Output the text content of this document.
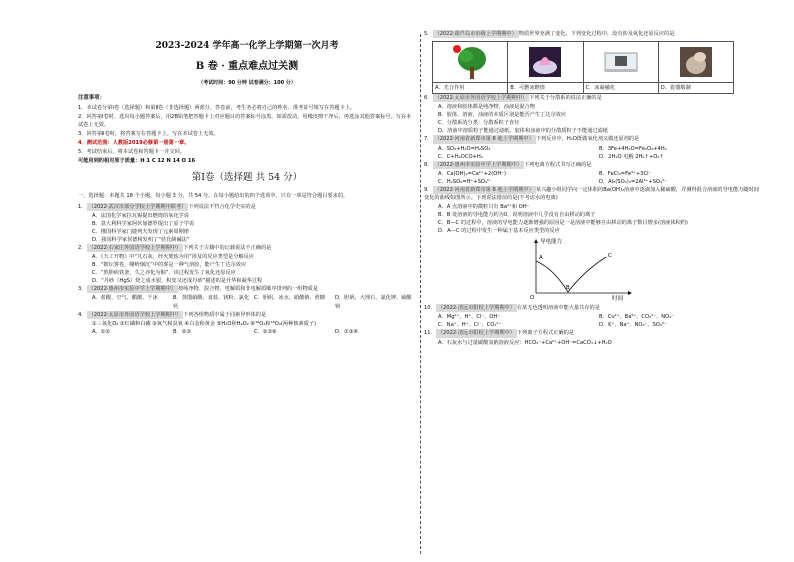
2023-2024 学年高一化学上学期第一次月考
B 卷 · 重点难点过关测
（考试时间：90 分钟 试卷满分：100 分）
注意事项：
1．本试卷分第Ⅰ卷（选择题）和第Ⅱ卷（非选择题）两部分。答卷前，考生务必将自己的姓名、准考证号填写在答题卡上。
2．回答第Ⅰ卷时，选出每小题答案后，用2B铅笔把答题卡上对应题目的答案标号涂黑。如需改动，用橡皮擦干净后，再选涂其他答案标号。写在本试卷上无效。
3．回答第Ⅱ卷时，将答案写在答题卡上。写在本试卷上无效。
4．测试范围：人教版2019必修第一册第一章。
5．考试结束后，将本试卷和答题卡一并交回。
可能用到的相对原子质量：H 1 C 12 N 14 O 16
第Ⅰ卷（选择题 共 54 分）
一、选择题：本题共 18 个小题，每小题 3 分，共 54 分。在每小题给出的四个选项中，只有一项是符合题目要求的。
1． （2022·武汉市部分学校上学期期中联考） 下列说法不符合化学史实的是
A．法国化学家拉瓦锡提出燃烧的氧化学说
B．意大利科学家阿伏加德罗提出了原子学说
C．俄国科学家门捷列夫发现了元素周期律
D．我国科学家侯德榜发明了“侯氏制碱法”
2． （2022·石家庄外国语学校上学期期中） 下列关于古籍中的记载说法不正确的是
A．《天工开物》中“凡石灰，经火焚炼为用”涉及的反应类型是分解反应
B．“朝坛雾卷，曙岭烟沉”中的雾是一种气溶胶，能产生丁达尔效应
C．“熬胆矾铁釜，久之亦化为铜”，该过程发生了氧化还原反应
D．“丹砂（HgS）烧之成水银，积变又还成丹砂”描述的是升华和凝华过程
3． （2022·惠州市实验中学上学期期中） 按纯净物、混合物、电解质和非电解质顺序排列的一组物质是
A．盐酸、空气、醋酸、干冰	B．蒸馏硝酸、食盐、镁粉、氯化钙
C．胆矾、冰水、硝酸钠、蔗糖	D．胆矾、大理石、氯化钾、硫酸钡
4． （2022·太原市外国语学校上学期期中） 下列各组物质中属于同素异形体的是
①三氧化O₂ ②红磷和白磷 ③氧气和臭氧 ④白金和黄金 ⑤H₂O和H₂O₂ ⑥¹⁶O₂和¹⁸O₂(两种核素质子)
A．①②	B．②③	C．②③⑥	D．②③④
5． （2022·葫芦岛市市级上学期期中） 物质世界充满了变化。下列变化过程中，没有涉及氧化还原反应的是
A．光合作用	B．可燃冰燃烧	C．冰凝融化	D．瓷器煅制
6． （2022·太原市外国语学校上学期期中） 下列关于分散系的说法正确的是
A．溶液和胶体都是纯净物，浊液是混合物
B．胶体、溶液、浊液的本质区别是能否产生丁达尔效应
C．分散系的分类：分散系粒子直径
D．溶液中溶质粒子能通过滤纸，胶体和浊液中的分散质粒子不能通过滤纸
7． （2022·河南省新郑市第 8 地上学期期中） 下列反应中，H₂O既做氧化剂又做还原剂的是
A．SO₃+H₂O=H₂SO₄	B．3Fe+4H₂O=Fe₃O₄+4H₂
C．C+H₂OCO+H₂	D．2H₂O 电解 2H₂↑+O₂↑
8． （2022·惠州市实验中学上学期期中） 下列电离方程式书写正确的是
A．Ca(OH)₂=Ca²⁺+2(OH⁻)	B．FeCl₃=Fe³⁺+3Cl⁻
C．H₂SO₄=H⁺+SO₄²⁻	D．Al₂(SO₄)₃=2Al³⁺+SO₄²⁻
9． （2022·河南省新郑市第 8 地上学期期中） 某兴趣小组同学向一定体积的Ba(OH)₂溶液中逐滴加入稀硫酸，并测得混合溶液的导电能力随时间变化的曲线如图所示。下列说法错误的是(不考虑水的电离)
A．A 点溶液中的微粒只有 Ba²⁺和 OH⁻
B．B 处溶液的导电能力约为0，说明溶液中几乎没有自由移动的离子
C．B—C 的过程中，溶液的导电能力逐渐增强的原因是一是溶液中能够自由移动的离子数目增多(溶液体积约)
D．A—C 的过程中发生一种属于基本反应类型的反应
导电能力
时间
O
A
B
C
10． （2022·清远市阳校上学期期中） 在某无色透明溶液中能大量共存的是
A．Mg²⁺、H⁺、Cl⁻、OH⁻	B．Cu²⁺、Ba²⁺、CO₃²⁻、NO₃⁻
C．Na⁺、H⁺、Cl⁻、CO₃²⁻	D．K⁺、Na⁺、NO₃⁻、SO₄²⁻
11． （2022·清远市阳校上学期期中） 下列离子方程式正确的是
A．石灰水与过量碳酸氢钠溶液反应：HCO₃⁻+Ca²⁺+OH⁻=CaCO₃↓+H₂O
